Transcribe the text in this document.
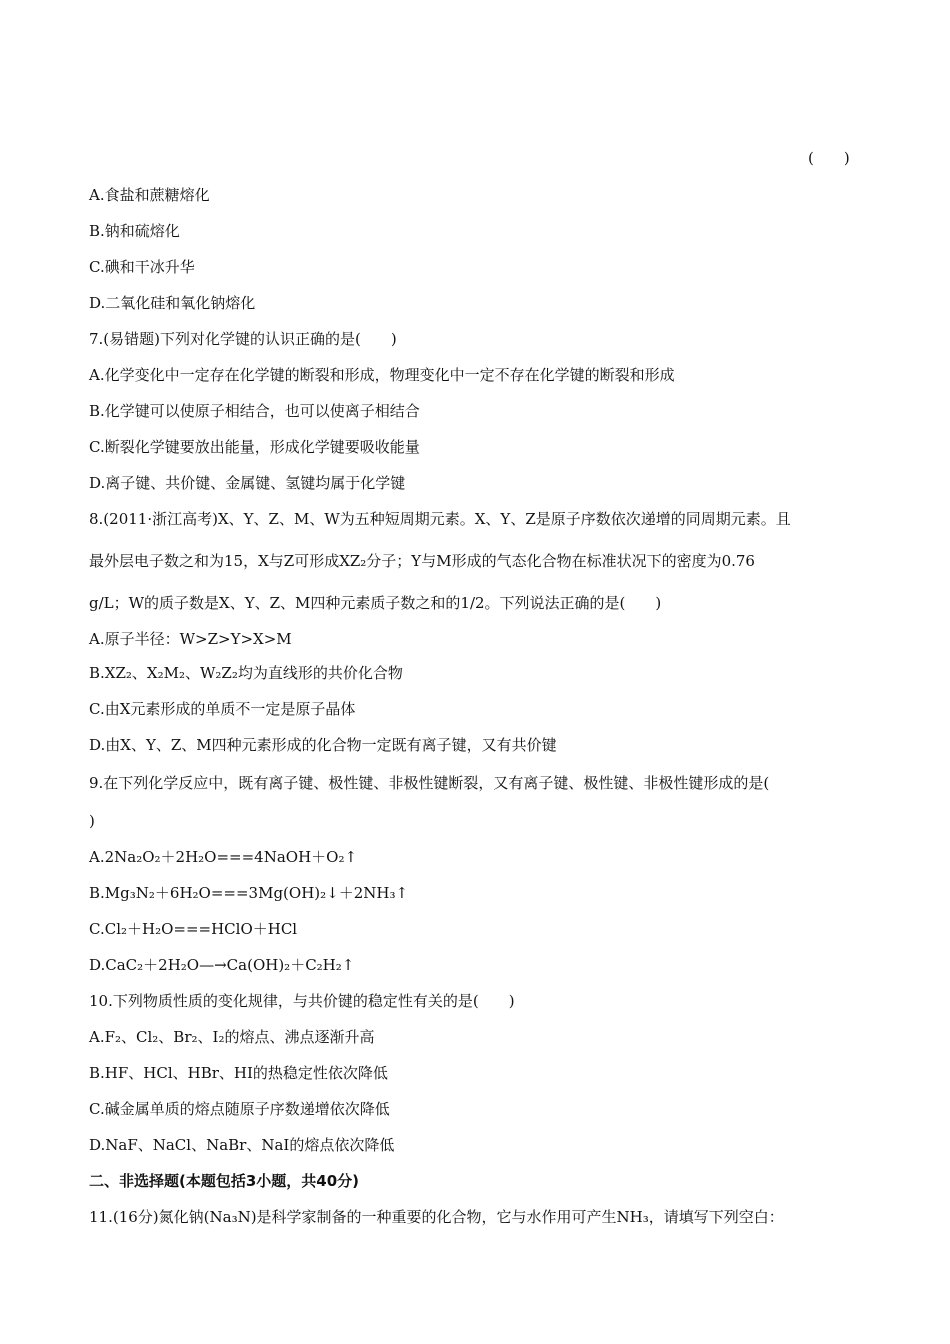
(　　)
A.食盐和蔗糖熔化
B.钠和硫熔化
C.碘和干冰升华
D.二氧化硅和氧化钠熔化
7.(易错题)下列对化学键的认识正确的是(　　)
A.化学变化中一定存在化学键的断裂和形成，物理变化中一定不存在化学键的断裂和形成
B.化学键可以使原子相结合，也可以使离子相结合
C.断裂化学键要放出能量，形成化学键要吸收能量
D.离子键、共价键、金属键、氢键均属于化学键
8.(2011·浙江高考)X、Y、Z、M、W为五种短周期元素。X、Y、Z是原子序数依次递增的同周期元素。且
最外层电子数之和为15，X与Z可形成XZ₂分子；Y与M形成的气态化合物在标准状况下的密度为0.76
g/L；W的质子数是X、Y、Z、M四种元素质子数之和的1/2。下列说法正确的是(　　)
A.原子半径：W>Z>Y>X>M
B.XZ₂、X₂M₂、W₂Z₂均为直线形的共价化合物
C.由X元素形成的单质不一定是原子晶体
D.由X、Y、Z、M四种元素形成的化合物一定既有离子键，又有共价键
9.在下列化学反应中，既有离子键、极性键、非极性键断裂，又有离子键、极性键、非极性键形成的是(
)
A.2Na₂O₂＋2H₂O===4NaOH＋O₂↑
B.Mg₃N₂＋6H₂O===3Mg(OH)₂↓＋2NH₃↑
C.Cl₂＋H₂O===HClO＋HCl
D.CaC₂＋2H₂O—→Ca(OH)₂＋C₂H₂↑
10.下列物质性质的变化规律，与共价键的稳定性有关的是(　　)
A.F₂、Cl₂、Br₂、I₂的熔点、沸点逐渐升高
B.HF、HCl、HBr、HI的热稳定性依次降低
C.碱金属单质的熔点随原子序数递增依次降低
D.NaF、NaCl、NaBr、NaI的熔点依次降低
二、非选择题(本题包括3小题，共40分)
11.(16分)氮化钠(Na₃N)是科学家制备的一种重要的化合物，它与水作用可产生NH₃，请填写下列空白：
